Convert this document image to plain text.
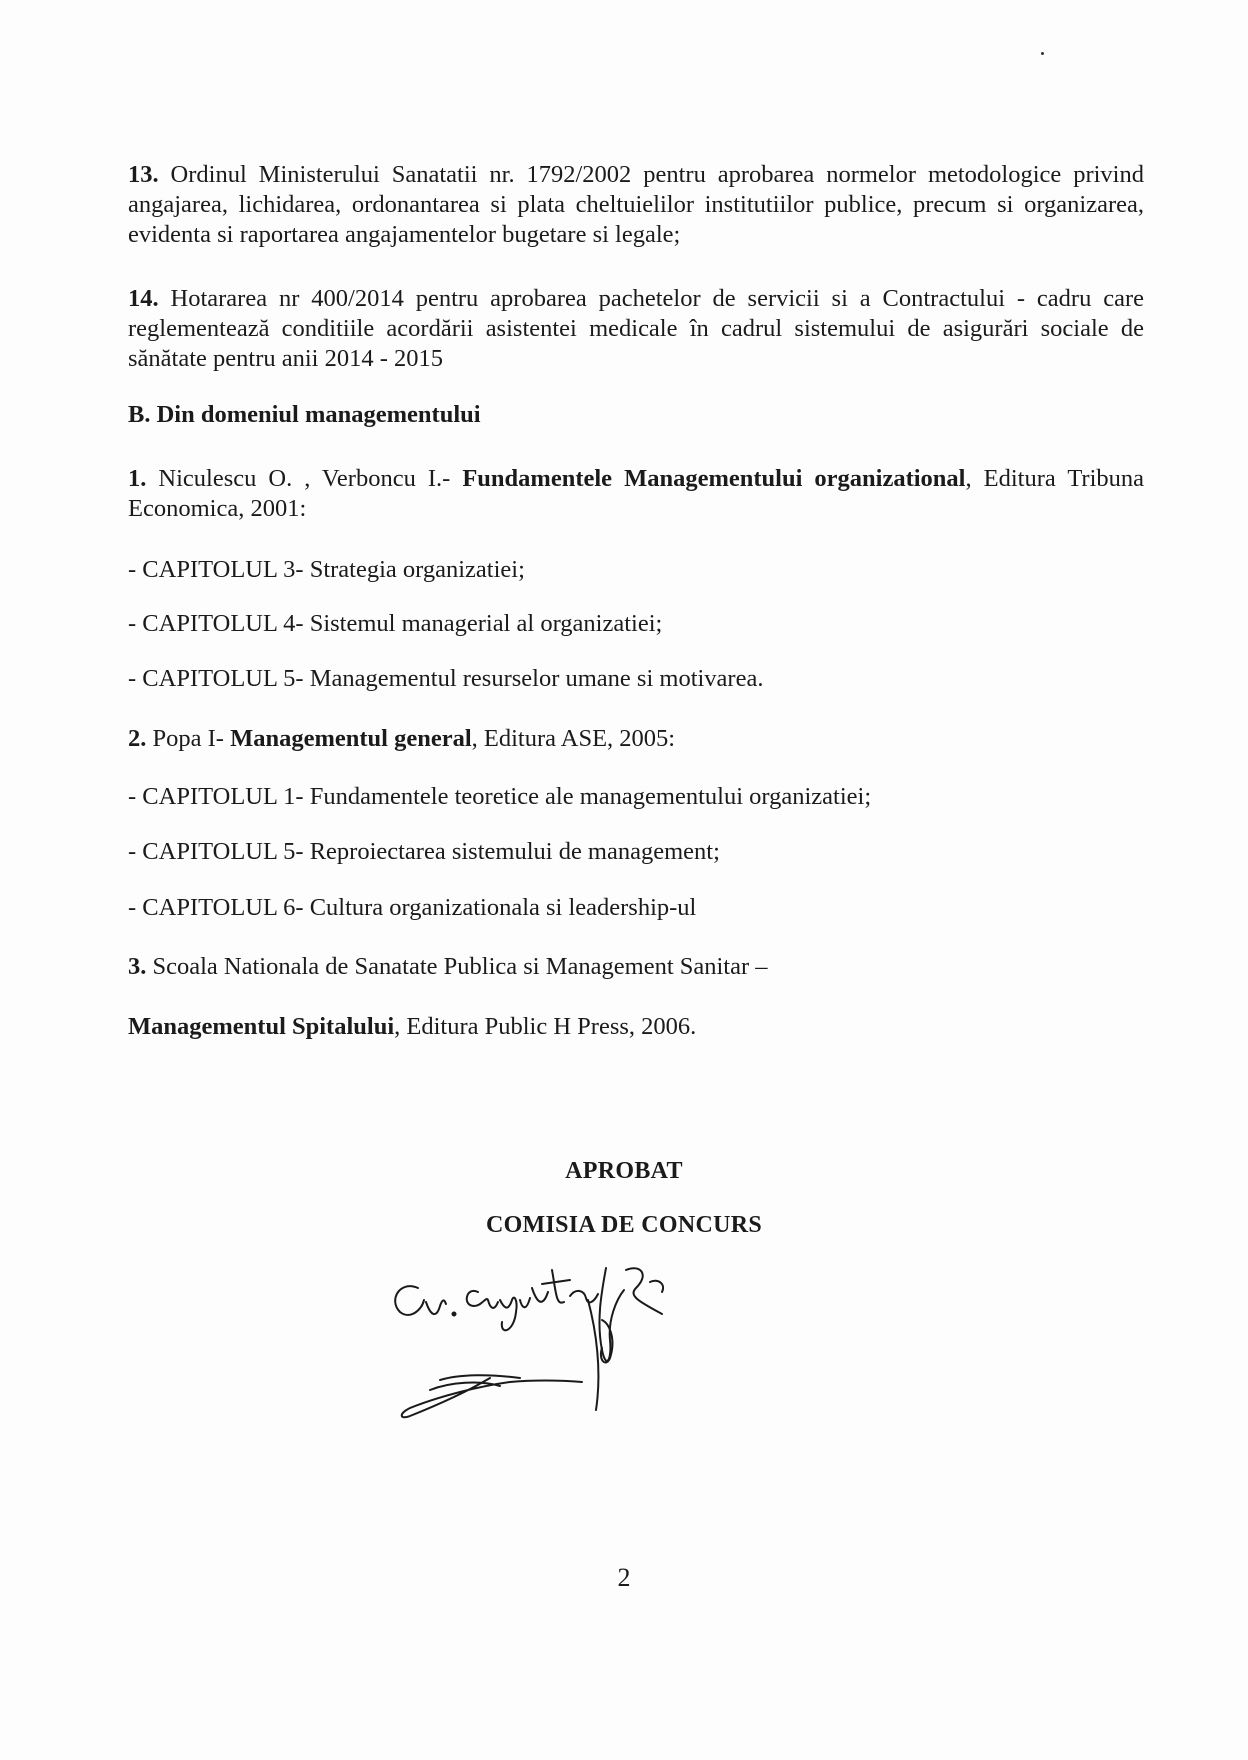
13. Ordinul Ministerului Sanatatii nr. 1792/2002 pentru aprobarea normelor metodologice privind angajarea, lichidarea, ordonantarea si plata cheltuielilor institutiilor publice, precum si organizarea, evidenta si raportarea angajamentelor bugetare si legale;

14. Hotararea nr 400/2014 pentru aprobarea pachetelor de servicii si a Contractului - cadru care reglementează conditiile acordării asistentei medicale în cadrul sistemului de asigurări sociale de sănătate pentru anii 2014 - 2015

B. Din domeniul managementului

1. Niculescu O. , Verboncu I.- Fundamentele Managementului organizational, Editura Tribuna Economica, 2001:

- CAPITOLUL 3- Strategia organizatiei;
- CAPITOLUL 4- Sistemul managerial al organizatiei;
- CAPITOLUL 5- Managementul resurselor umane si motivarea.
2. Popa I- Managementul general, Editura ASE, 2005:
- CAPITOLUL 1- Fundamentele teoretice ale managementului organizatiei;
- CAPITOLUL 5- Reproiectarea sistemului de management;
- CAPITOLUL 6- Cultura organizationala si leadership-ul
3. Scoala Nationala de Sanatate Publica si Management Sanitar –
Managementul Spitalului, Editura Public H Press, 2006.
APROBAT
COMISIA DE CONCURS
2
